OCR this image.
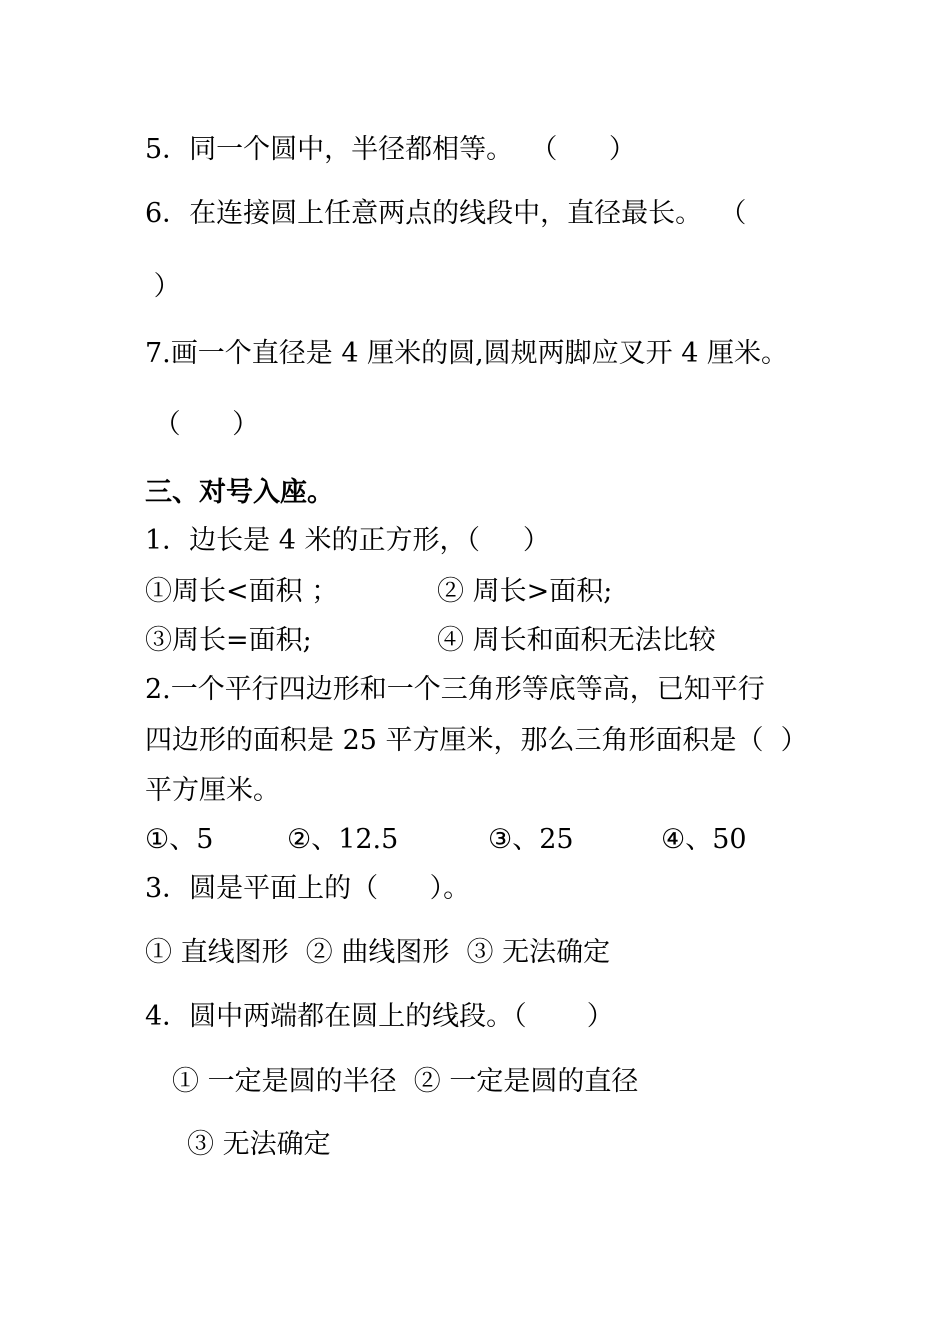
5．同一个圆中，半径都相等。  （      ）

6．在连接圆上任意两点的线段中，直径最长。  （

）

7.画一个直径是 4 厘米的圆,圆规两脚应叉开 4 厘米。

（      ）

三、对号入座。

1．边长是 4 米的正方形，（     ）

①周长<面积 ；	② 周长>面积;

③周长=面积;	④ 周长和面积无法比较

2.一个平行四边形和一个三角形等底等高，已知平行

四边形的面积是 25 平方厘米，那么三角形面积是（  ）

平方厘米。

①、5	②、12.5	③、25	④、50

3．圆是平面上的（      ）。

① 直线图形  ② 曲线图形  ③ 无法确定

4．圆中两端都在圆上的线段。（       ）

① 一定是圆的半径  ② 一定是圆的直径

③ 无法确定
